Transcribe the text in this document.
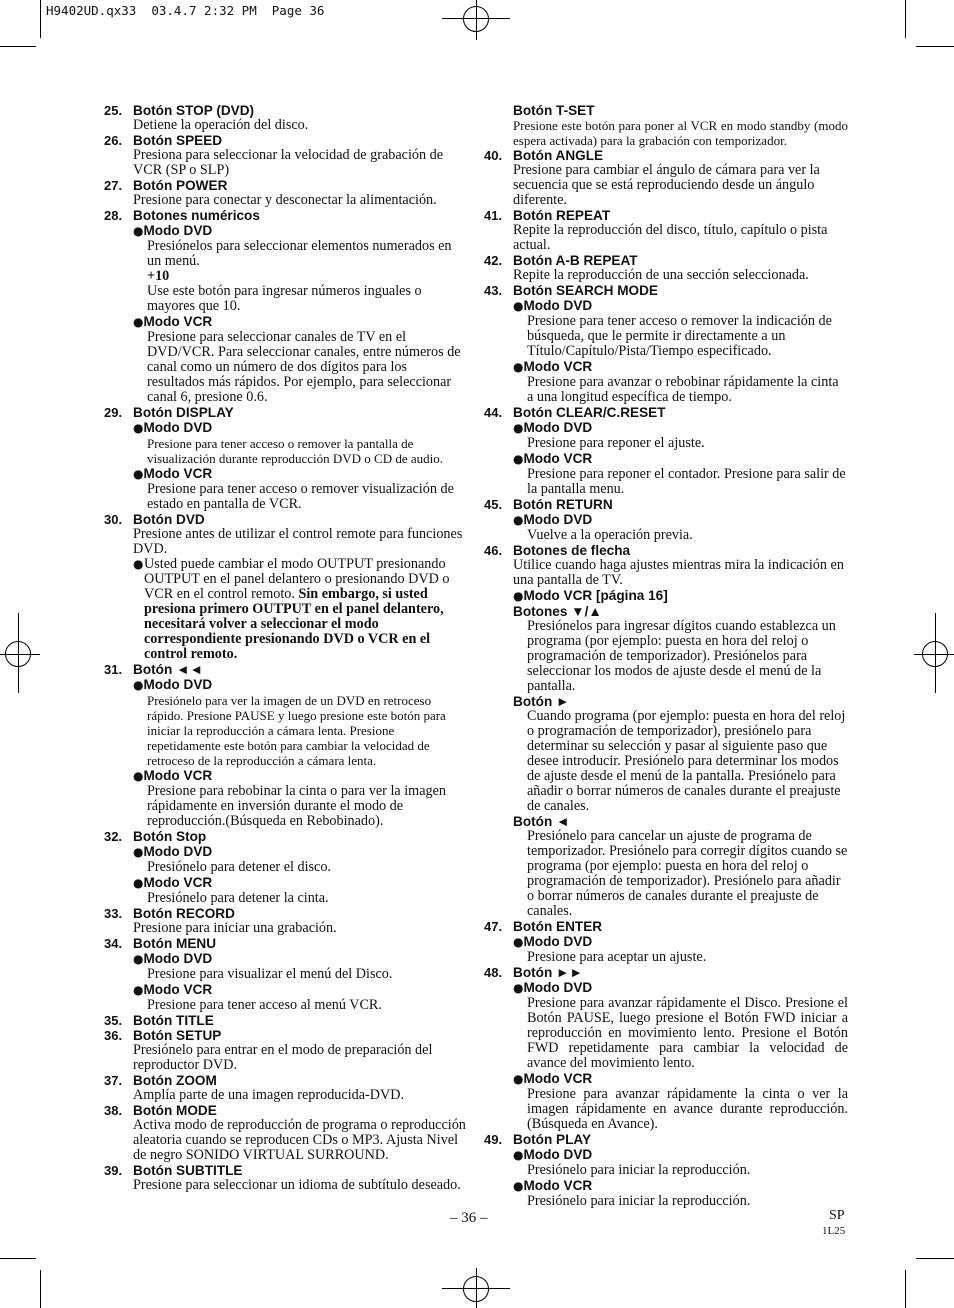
H9402UD.qx33  03.4.7 2:32 PM  Page 36
25. Botón STOP (DVD)
Detiene la operación del disco.
26. Botón SPEED
Presiona para seleccionar la velocidad de grabación de VCR (SP o SLP)
27. Botón POWER
Presione para conectar y desconectar la alimentación.
28. Botones numéricos
●Modo DVD
Presiónelos para seleccionar elementos numerados en un menú.
+10
Use este botón para ingresar números inguales o mayores que 10.
●Modo VCR
Presione para seleccionar canales de TV en el DVD/VCR. Para seleccionar canales, entre números de canal como un número de dos dígitos para los resultados más rápidos. Por ejemplo, para seleccionar canal 6, presione 0.6.
29. Botón DISPLAY
●Modo DVD
Presione para tener acceso o remover la pantalla de visualización durante reproducción DVD o CD de audio.
●Modo VCR
Presione para tener acceso o remover visualización de estado en pantalla de VCR.
30. Botón DVD
Presione antes de utilizar el control remote para funciones DVD.
● Usted puede cambiar el modo OUTPUT presionando OUTPUT en el panel delantero o presionando DVD o VCR en el control remoto. Sin embargo, si usted presiona primero OUTPUT en el panel delantero, necesitará volver a seleccionar el modo correspondiente presionando DVD o VCR en el control remoto.
31. Botón ◄◄
●Modo DVD
Presiónelo para ver la imagen de un DVD en retroceso rápido. Presione PAUSE y luego presione este botón para iniciar la reproducción a cámara lenta. Presione repetidamente este botón para cambiar la velocidad de retroceso de la reproducción a cámara lenta.
●Modo VCR
Presione para rebobinar la cinta o para ver la imagen rápidamente en inversión durante el modo de reproducción.(Búsqueda en Rebobinado).
32. Botón Stop
●Modo DVD
Presiónelo para detener el disco.
●Modo VCR
Presiónelo para detener la cinta.
33. Botón RECORD
Presione para iniciar una grabación.
34. Botón MENU
●Modo DVD
Presione para visualizar el menú del Disco.
●Modo VCR
Presione para tener acceso al menú VCR.
35. Botón TITLE
36. Botón SETUP
Presiónelo para entrar en el modo de preparación del reproductor DVD.
37. Botón ZOOM
Amplía parte de una imagen reproducida-DVD.
38. Botón MODE
Activa modo de reproducción de programa o reproducción aleatoria cuando se reproducen CDs o MP3. Ajusta Nivel de negro SONIDO VIRTUAL SURROUND.
39. Botón SUBTITLE
Presione para seleccionar un idioma de subtítulo deseado.
Botón T-SET
Presione este botón para poner al VCR en modo standby (modo espera activada) para la grabación con temporizador.
40. Botón ANGLE
Presione para cambiar el ángulo de cámara para ver la secuencia que se está reproduciendo desde un ángulo diferente.
41. Botón REPEAT
Repite la reproducción del disco, título, capítulo o pista actual.
42. Botón A-B REPEAT
Repite la reproducción de una sección seleccionada.
43. Botón SEARCH MODE
●Modo DVD
Presione para tener acceso o remover la indicación de búsqueda, que le permite ir directamente a un Título/Capítulo/Pista/Tiempo especificado.
●Modo VCR
Presione para avanzar o rebobinar rápidamente la cinta a una longitud específica de tiempo.
44. Botón CLEAR/C.RESET
●Modo DVD
Presione para reponer el ajuste.
●Modo VCR
Presione para reponer el contador. Presione para salir de la pantalla menu.
45. Botón RETURN
●Modo DVD
Vuelve a la operación previa.
46. Botones de flecha
Utilice cuando haga ajustes mientras mira la indicación en una pantalla de TV.
●Modo VCR [página 16]
Botones ▼/▲
Presiónelos para ingresar dígitos cuando establezca un programa (por ejemplo: puesta en hora del reloj o programación de temporizador). Presiónelos para seleccionar los modos de ajuste desde el menú de la pantalla.
Botón ►
Cuando programa (por ejemplo: puesta en hora del reloj o programación de temporizador), presiónelo para determinar su selección y pasar al siguiente paso que desee introducir. Presiónelo para determinar los modos de ajuste desde el menú de la pantalla. Presiónelo para añadir o borrar números de canales durante el preajuste de canales.
Botón ◄
Presiónelo para cancelar un ajuste de programa de temporizador. Presiónelo para corregir dígitos cuando se programa (por ejemplo: puesta en hora del reloj o programación de temporizador). Presiónelo para añadir o borrar números de canales durante el preajuste de canales.
47. Botón ENTER
●Modo DVD
Presione para aceptar un ajuste.
48. Botón ►►
●Modo DVD
Presione para avanzar rápidamente el Disco. Presione el Botón PAUSE, luego presione el Botón FWD iniciar a reproducción en movimiento lento. Presione el Botón FWD repetidamente para cambiar la velocidad de avance del movimiento lento.
●Modo VCR
Presione para avanzar rápidamente la cinta o ver la imagen rápidamente en avance durante reproducción. (Búsqueda en Avance).
49. Botón PLAY
●Modo DVD
Presiónelo para iniciar la reproducción.
●Modo VCR
Presiónelo para iniciar la reproducción.
– 36 –	SP
1L25
